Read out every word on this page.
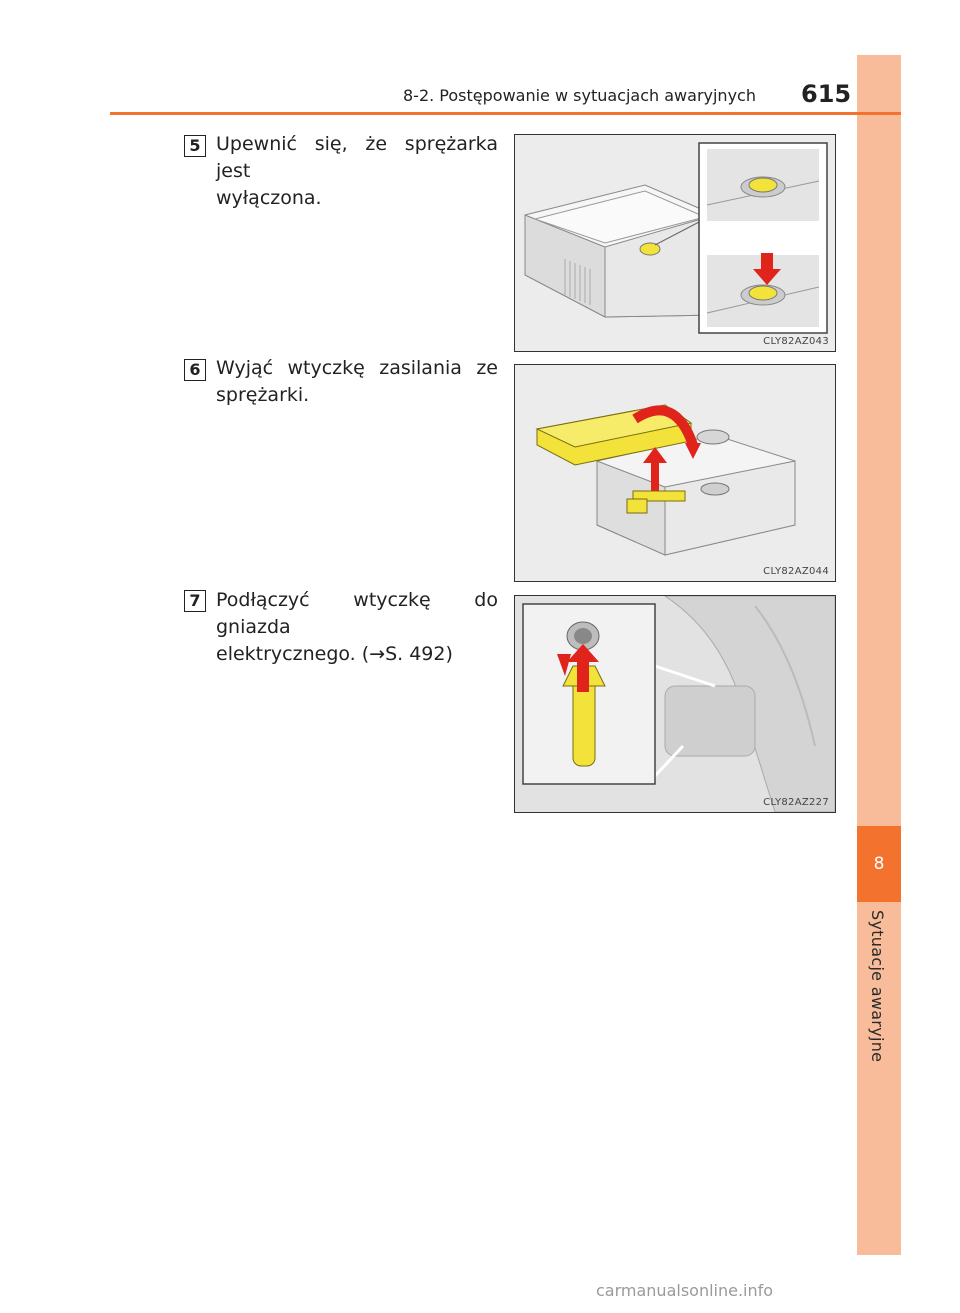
8
Sytuacje awaryjne
8-2. Postępowanie w sytuacjach awaryjnych 615
5 Upewnić się, że sprężarka jest
wyłączona.
CLY82AZ043
6 Wyjąć wtyczkę zasilania ze
sprężarki.
CLY82AZ044
7 Podłączyć wtyczkę do gniazda
elektrycznego. (→S. 492)
CLY82AZ227
carmanualsonline.info
